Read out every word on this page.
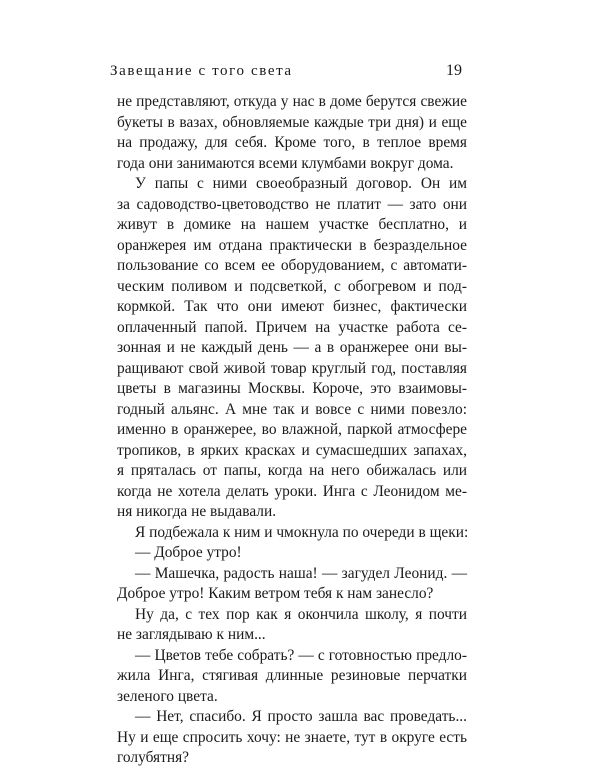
Завещание с того света	19
не представляют, откуда у нас в доме берутся свежие
букеты в вазах, обновляемые каждые три дня) и еще
на продажу, для себя. Кроме того, в теплое время
года они занимаются всеми клумбами вокруг дома.
У папы с ними своеобразный договор. Он им
за садоводство-цветоводство не платит — зато они
живут в домике на нашем участке бесплатно, и
оранжерея им отдана практически в безраздельное
пользование со всем ее оборудованием, с автомати-
ческим поливом и подсветкой, с обогревом и под-
кормкой. Так что они имеют бизнес, фактически
оплаченный папой. Причем на участке работа се-
зонная и не каждый день — а в оранжерее они вы-
ращивают свой живой товар круглый год, поставляя
цветы в магазины Москвы. Короче, это взаимовы-
годный альянс. А мне так и вовсе с ними повезло:
именно в оранжерее, во влажной, паркой атмосфере
тропиков, в ярких красках и сумасшедших запахах,
я пряталась от папы, когда на него обижалась или
когда не хотела делать уроки. Инга с Леонидом ме-
ня никогда не выдавали.
Я подбежала к ним и чмокнула по очереди в щеки:
— Доброе утро!
— Машечка, радость наша! — загудел Леонид. —
Доброе утро! Каким ветром тебя к нам занесло?
Ну да, с тех пор как я окончила школу, я почти
не заглядываю к ним...
— Цветов тебе собрать? — с готовностью предло-
жила Инга, стягивая длинные резиновые перчатки
зеленого цвета.
— Нет, спасибо. Я просто зашла вас проведать...
Ну и еще спросить хочу: не знаете, тут в округе есть
голубятня?
